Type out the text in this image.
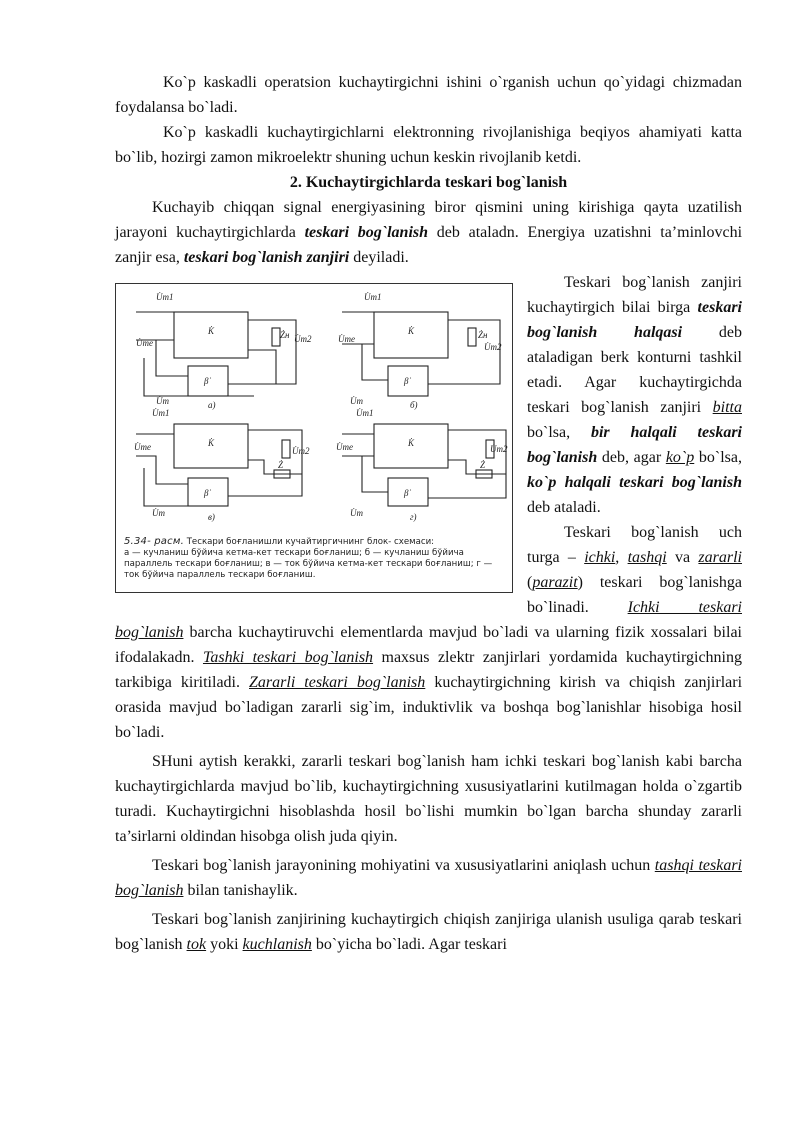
Ko`p kaskadli operatsion kuchaytirgichni ishini o`rganish uchun qo`yidagi chizmadan foydalansa bo`ladi.

Ko`p kaskadli kuchaytirgichlarni elektronning rivojlanishiga beqiyos ahamiyati katta bo`lib, hozirgi zamon mikroelektr shuning uchun keskin rivojlanib ketdi.

2. Kuchaytirgichlarda teskari bog`lanish

Kuchayib chiqqan signal energiyasining biror qismini uning kirishiga qayta uzatilish jarayoni kuchaytirgichlarda teskari bog`lanish deb ataladn. Energiya uzatishni ta’minlovchi zanjir esa, teskari bog`lanish zanjiri deyiladi.

K̇
β̇
U̇m1
U̇mе
Żн U̇m2
U̇т	a)
K̇
β̇
U̇m1
U̇mе	Żн
U̇m2
U̇т	б)
K̇
β̇
U̇m1
U̇mе
Ż
U̇m2
U̇т	в)
K̇
β̇
U̇m1
U̇mе
Ż
U̇m2
U̇т	г)
5.34- расм. Тескари боғланишли кучайтиргичнинг блок- схемаси:
а — кучланиш бўйича кетма-кет тескари боғланиш; б — кучланиш бўйича параллель тескари боғланиш; в — ток бўйича кетма-кет тескари боғланиш; г — ток бўйича параллель тескари боғланиш.

Teskari bog`lanish zanjiri kuchaytirgich bilai birga teskari bog`lanish halqasi deb ataladigan berk konturni tashkil etadi. Agar kuchaytirgichda teskari bog`lanish zanjiri bitta bo`lsa, bir halqali teskari bog`lanish deb, agar ko`p bo`lsa, ko`p halqali teskari bog`lanish deb ataladi.

Teskari bog`lanish uch turga – ichki, tashqi va zararli (parazit) teskari bog`lanishga bo`linadi. Ichki teskari bog`lanish barcha kuchaytiruvchi elementlarda mavjud bo`ladi va ularning fizik xossalari bilai ifodalakadn. Tashki teskari bog`lanish maxsus zlektr zanjirlari yordamida kuchaytirgichning tarkibiga kiritiladi. Zararli teskari bog`lanish kuchaytirgichning kirish va chiqish zanjirlari orasida mavjud bo`ladigan zararli sig`im, induktivlik va boshqa bog`lanishlar hisobiga hosil bo`ladi.

SHuni aytish kerakki, zararli teskari bog`lanish ham ichki teskari bog`lanish kabi barcha kuchaytirgichlarda mavjud bo`lib, kuchaytirgichning xususiyatlarini kutilmagan holda o`zgartib turadi. Kuchaytirgichni hisoblashda hosil bo`lishi mumkin bo`lgan barcha shunday zararli ta’sirlarni oldindan hisobga olish juda qiyin.

Teskari bog`lanish jarayonining mohiyatini va xususiyatlarini aniqlash uchun tashqi teskari bog`lanish bilan tanishaylik.

Teskari bog`lanish zanjirining kuchaytirgich chiqish zanjiriga ulanish usuliga qarab teskari bog`lanish tok yoki kuchlanish bo`yicha bo`ladi. Agar teskari
